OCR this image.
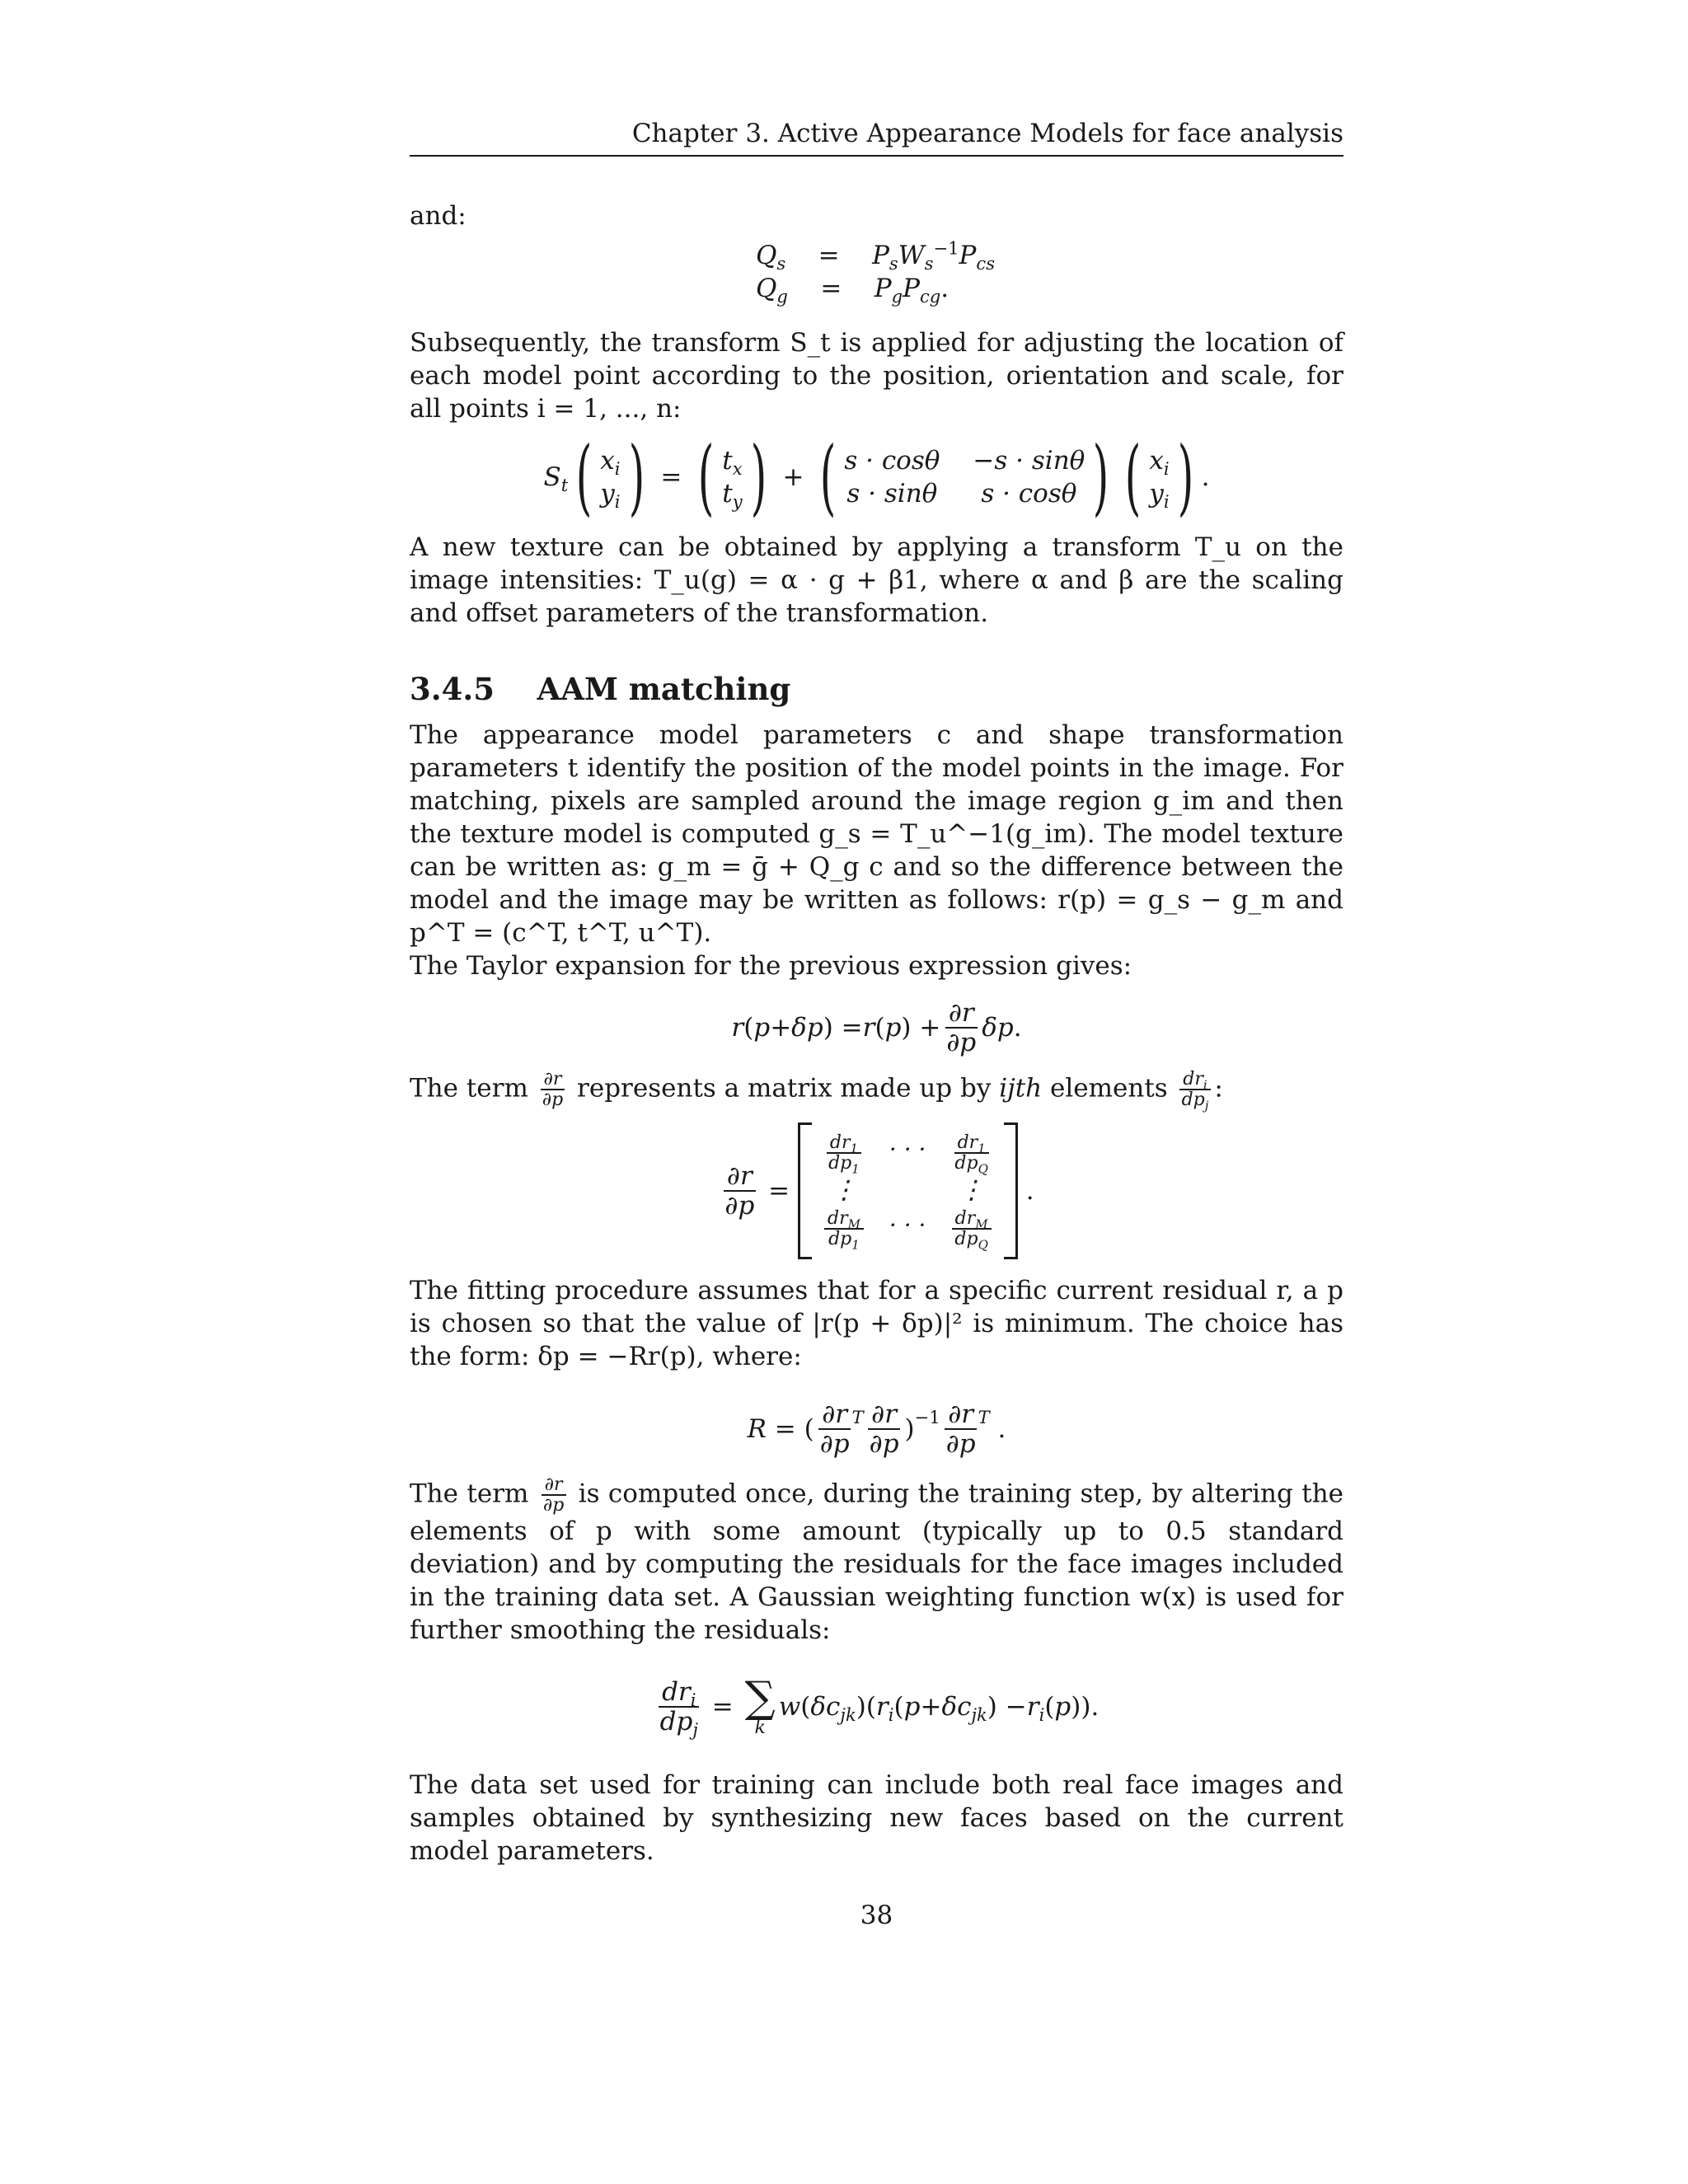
Chapter 3. Active Appearance Models for face analysis

and:

$Q_s$    =    $P_sW_s^{-1}P_{cs}$
$Q_g$    =    $P_gP_{cg}$.

Subsequently, the transform S_t is applied for adjusting the location of each model point according to the position, orientation and scale, for all points i = 1, ..., n:

$S_t$ ( $x_i$
$y_i$ ) = ( $t_x$
$t_y$ ) + ( s · cosθ −s · sinθ
s · sinθ	s · cosθ ) ( $x_i$
$y_i$ ) .

A new texture can be obtained by applying a transform T_u on the image intensities: T_u(g) = α · g + β1, where α and β are the scaling and offset parameters of the transformation.

3.4.5 AAM matching

The appearance model parameters c and shape transformation parameters t identify the position of the model points in the image. For matching, pixels are sampled around the image region g_im and then the texture model is computed g_s = T_u^−1(g_im). The model texture can be written as: g_m = ḡ + Q_g c and so the difference between the model and the image may be written as follows: r(p) = g_s − g_m and p^T = (c^T, t^T, u^T).

The Taylor expansion for the previous expression gives:

r ( p + δp ) = r ( p ) + $\frac{\partial r}{\partial p}$ δp .

The term $\frac{\partial r}{\partial p}$ represents a matrix made up by ijth elements $\frac{dr_i}{dp_j}$ :

$\frac{\partial r}{\partial p}$ =
$\frac{dr_1}{dp_1}$ · · · $\frac{dr_1}{dp_Q}$
⋮	⋮
$\frac{dr_M}{dp_1}$ · · · $\frac{dr_M}{dp_Q}$
.

The fitting procedure assumes that for a specific current residual r, a p is chosen so that the value of |r(p + δp)|² is minimum. The choice has the form: δp = −Rr(p), where:

R = ( $\frac{\partial r}{\partial p}^T \frac{\partial r}{\partial p} )^{-1} \frac{\partial r}{\partial p}^T$ .

The term $\frac{\partial r}{\partial p}$ is computed once, during the training step, by altering the elements of p with some amount (typically up to 0.5 standard deviation) and by computing the residuals for the face images included in the training data set. A Gaussian weighting function w(x) is used for further smoothing the residuals:

$\frac{dr_i}{dp_j}$ = ∑
k
w ( $\delta c_{jk}$ )( $r_i$ ( $p + \delta c_{jk}$ ) − $r_i$ ( p )).

The data set used for training can include both real face images and samples obtained by synthesizing new faces based on the current model parameters.

38
